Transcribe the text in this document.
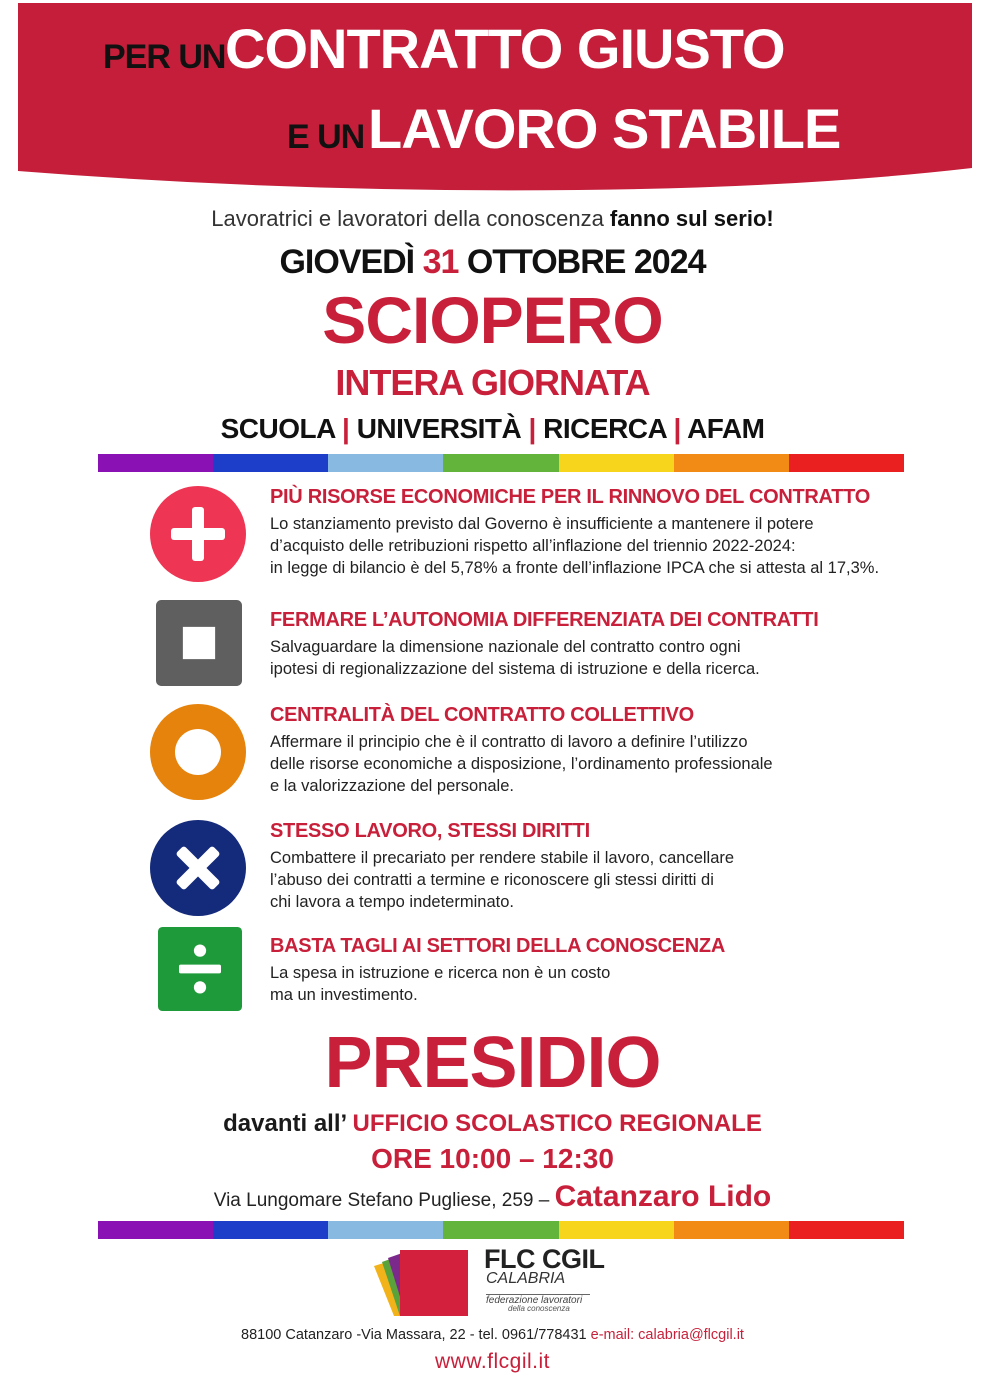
PER UN CONTRATTO GIUSTO
E UN LAVORO STABILE
Lavoratrici e lavoratori della conoscenza fanno sul serio!
GIOVEDÌ 31 OTTOBRE 2024
SCIOPERO
INTERA GIORNATA
SCUOLA | UNIVERSITÀ | RICERCA | AFAM
PIÙ RISORSE ECONOMICHE PER IL RINNOVO DEL CONTRATTO
Lo stanziamento previsto dal Governo è insufficiente a mantenere il potere
d’acquisto delle retribuzioni rispetto all’inflazione del triennio 2022-2024:
in legge di bilancio è del 5,78% a fronte dell’inflazione IPCA che si attesta al 17,3%.
FERMARE L’AUTONOMIA DIFFERENZIATA DEI CONTRATTI
Salvaguardare la dimensione nazionale del contratto contro ogni
ipotesi di regionalizzazione del sistema di istruzione e della ricerca.
CENTRALITÀ DEL CONTRATTO COLLETTIVO
Affermare il principio che è il contratto di lavoro a definire l’utilizzo
delle risorse economiche a disposizione, l’ordinamento professionale
e la valorizzazione del personale.
STESSO LAVORO, STESSI DIRITTI
Combattere il precariato per rendere stabile il lavoro, cancellare
l’abuso dei contratti a termine e riconoscere gli stessi diritti di
chi lavora a tempo indeterminato.
BASTA TAGLI AI SETTORI DELLA CONOSCENZA
La spesa in istruzione e ricerca non è un costo
ma un investimento.
PRESIDIO
davanti all’ UFFICIO SCOLASTICO REGIONALE
ORE 10:00 – 12:30
Via Lungomare Stefano Pugliese, 259 – Catanzaro Lido
FLC CGIL
CALABRIA
federazione lavoratori
della conoscenza
88100 Catanzaro -Via Massara, 22 - tel. 0961/778431 e-mail: calabria@flcgil.it
www.flcgil.it
